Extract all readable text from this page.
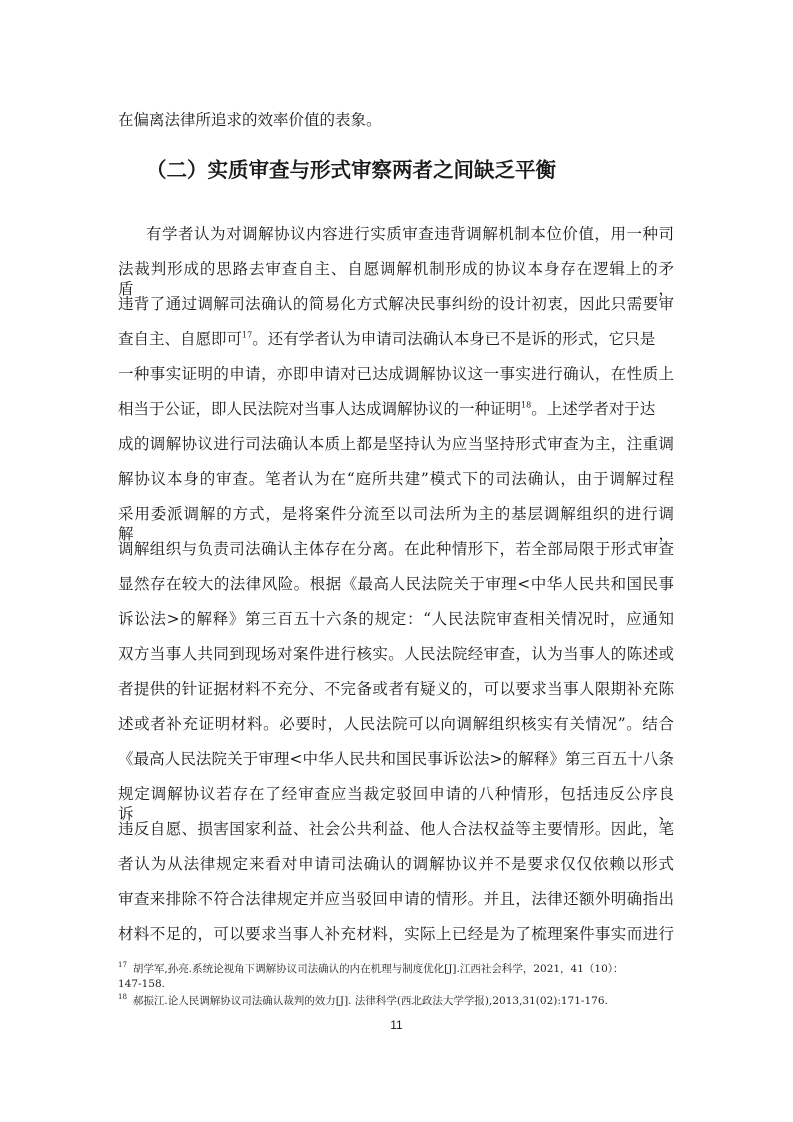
在偏离法律所追求的效率价值的表象。
（二）实质审查与形式审察两者之间缺乏平衡
有学者认为对调解协议内容进行实质审查违背调解机制本位价值，用一种司
法裁判形成的思路去审查自主、自愿调解机制形成的协议本身存在逻辑上的矛盾，
违背了通过调解司法确认的简易化方式解决民事纠纷的设计初衷，因此只需要审
查自主、自愿即可$^{17}$。还有学者认为申请司法确认本身已不是诉的形式，它只是
一种事实证明的申请，亦即申请对已达成调解协议这一事实进行确认，在性质上
相当于公证，即人民法院对当事人达成调解协议的一种证明$^{18}$。上述学者对于达
成的调解协议进行司法确认本质上都是坚持认为应当坚持形式审查为主，注重调
解协议本身的审查。笔者认为在“庭所共建”模式下的司法确认，由于调解过程
采用委派调解的方式，是将案件分流至以司法所为主的基层调解组织的进行调解，
调解组织与负责司法确认主体存在分离。在此种情形下，若全部局限于形式审查
显然存在较大的法律风险。根据《最高人民法院关于审理<中华人民共和国民事
诉讼法>的解释》第三百五十六条的规定：“人民法院审查相关情况时，应通知
双方当事人共同到现场对案件进行核实。人民法院经审查，认为当事人的陈述或
者提供的针证据材料不充分、不完备或者有疑义的，可以要求当事人限期补充陈
述或者补充证明材料。必要时，人民法院可以向调解组织核实有关情况”。结合
《最高人民法院关于审理<中华人民共和国民事诉讼法>的解释》第三百五十八条
规定调解协议若存在了经审查应当裁定驳回申请的八种情形，包括违反公序良诉、
违反自愿、损害国家利益、社会公共利益、他人合法权益等主要情形。因此，笔
者认为从法律规定来看对申请司法确认的调解协议并不是要求仅仅依赖以形式
审查来排除不符合法律规定并应当驳回申请的情形。并且，法律还额外明确指出
材料不足的，可以要求当事人补充材料，实际上已经是为了梳理案件事实而进行
$^{17}$ 胡学军,孙亮.系统论视角下调解协议司法确认的内在机理与制度优化[J].江西社会科学，2021，41（10）：
147-158.
$^{18}$ 郝振江.论人民调解协议司法确认裁判的效力[J]. 法律科学(西北政法大学学报),2013,31(02):171-176.
11
